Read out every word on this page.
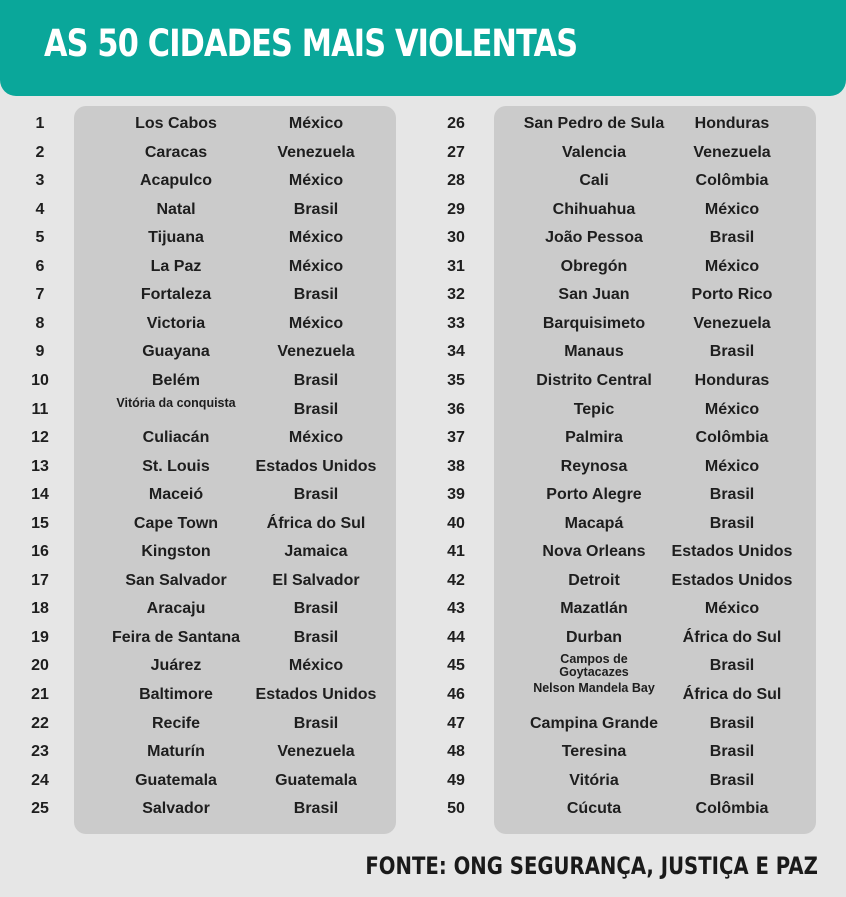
AS 50 CIDADES MAIS VIOLENTAS
1	Los Cabos	México
2	Caracas	Venezuela
3	Acapulco	México
4	Natal	Brasil
5	Tijuana	México
6	La Paz	México
7	Fortaleza	Brasil
8	Victoria	México
9	Guayana	Venezuela
10	Belém	Brasil
11	Vitória da conquista	Brasil
12	Culiacán	México
13	St. Louis	Estados Unidos
14	Maceió	Brasil
15	Cape Town	África do Sul
16	Kingston	Jamaica
17	San Salvador	El Salvador
18	Aracaju	Brasil
19	Feira de Santana	Brasil
20	Juárez	México
21	Baltimore	Estados Unidos
22	Recife	Brasil
23	Maturín	Venezuela
24	Guatemala	Guatemala
25	Salvador	Brasil
26	San Pedro de Sula	Honduras
27	Valencia	Venezuela
28	Cali	Colômbia
29	Chihuahua	México
30	João Pessoa	Brasil
31	Obregón	México
32	San Juan	Porto Rico
33	Barquisimeto	Venezuela
34	Manaus	Brasil
35	Distrito Central	Honduras
36	Tepic	México
37	Palmira	Colômbia
38	Reynosa	México
39	Porto Alegre	Brasil
40	Macapá	Brasil
41	Nova Orleans	Estados Unidos
42	Detroit	Estados Unidos
43	Mazatlán	México
44	Durban	África do Sul
45	Campos de Goytacazes	Brasil
46	Nelson Mandela Bay	África do Sul
47	Campina Grande	Brasil
48	Teresina	Brasil
49	Vitória	Brasil
50	Cúcuta	Colômbia
FONTE: ONG SEGURANÇA, JUSTIÇA E PAZ
